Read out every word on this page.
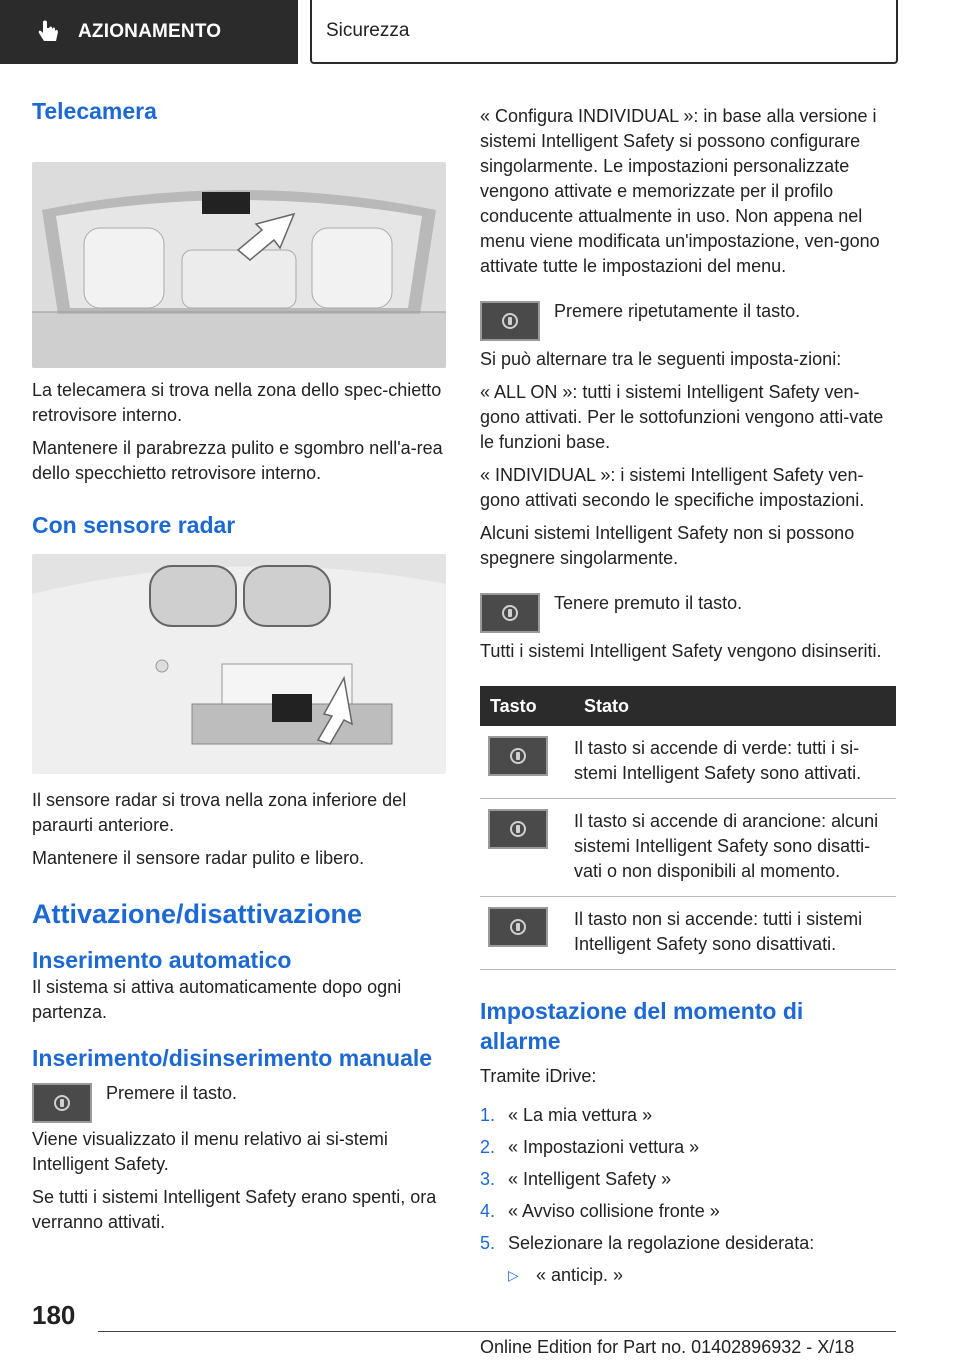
AZIONAMENTO	Sicurezza
Telecamera

La telecamera si trova nella zona dello spec-chietto retrovisore interno.

Mantenere il parabrezza pulito e sgombro nell'a-rea dello specchietto retrovisore interno.

Con sensore radar

Il sensore radar si trova nella zona inferiore del paraurti anteriore.

Mantenere il sensore radar pulito e libero.

Attivazione/disattivazione
Inserimento automatico

Il sistema si attiva automaticamente dopo ogni partenza.

Inserimento/disinserimento manuale

Premere il tasto.

Viene visualizzato il menu relativo ai si-stemi Intelligent Safety.

Se tutti i sistemi Intelligent Safety erano spenti, ora verranno attivati.

« Configura INDIVIDUAL »: in base alla versione i sistemi Intelligent Safety si possono configurare singolarmente. Le impostazioni personalizzate vengono attivate e memorizzate per il profilo conducente attualmente in uso. Non appena nel menu viene modificata un'impostazione, ven-gono attivate tutte le impostazioni del menu.

Premere ripetutamente il tasto.

Si può alternare tra le seguenti imposta-zioni:

« ALL ON »: tutti i sistemi Intelligent Safety ven-gono attivati. Per le sottofunzioni vengono atti-vate le funzioni base.

« INDIVIDUAL »: i sistemi Intelligent Safety ven-gono attivati secondo le specifiche impostazioni.

Alcuni sistemi Intelligent Safety non si possono spegnere singolarmente.

Tenere premuto il tasto.

Tutti i sistemi Intelligent Safety vengono disinseriti.

Tasto	Stato

	Il tasto si accende di verde: tutti i si-stemi Intelligent Safety sono attivati.

	Il tasto si accende di arancione: alcuni sistemi Intelligent Safety sono disatti-vati o non disponibili al momento.

	Il tasto non si accende: tutti i sistemi Intelligent Safety sono disattivati.
Impostazione del momento di allarme

Tramite iDrive:

1. « La mia vettura »
2. « Impostazioni vettura »
3. « Intelligent Safety »
4. « Avviso collisione fronte »
5. Selezionare la regolazione desiderata:
▷ « anticip. »
180
Online Edition for Part no. 01402896932 - X/18
